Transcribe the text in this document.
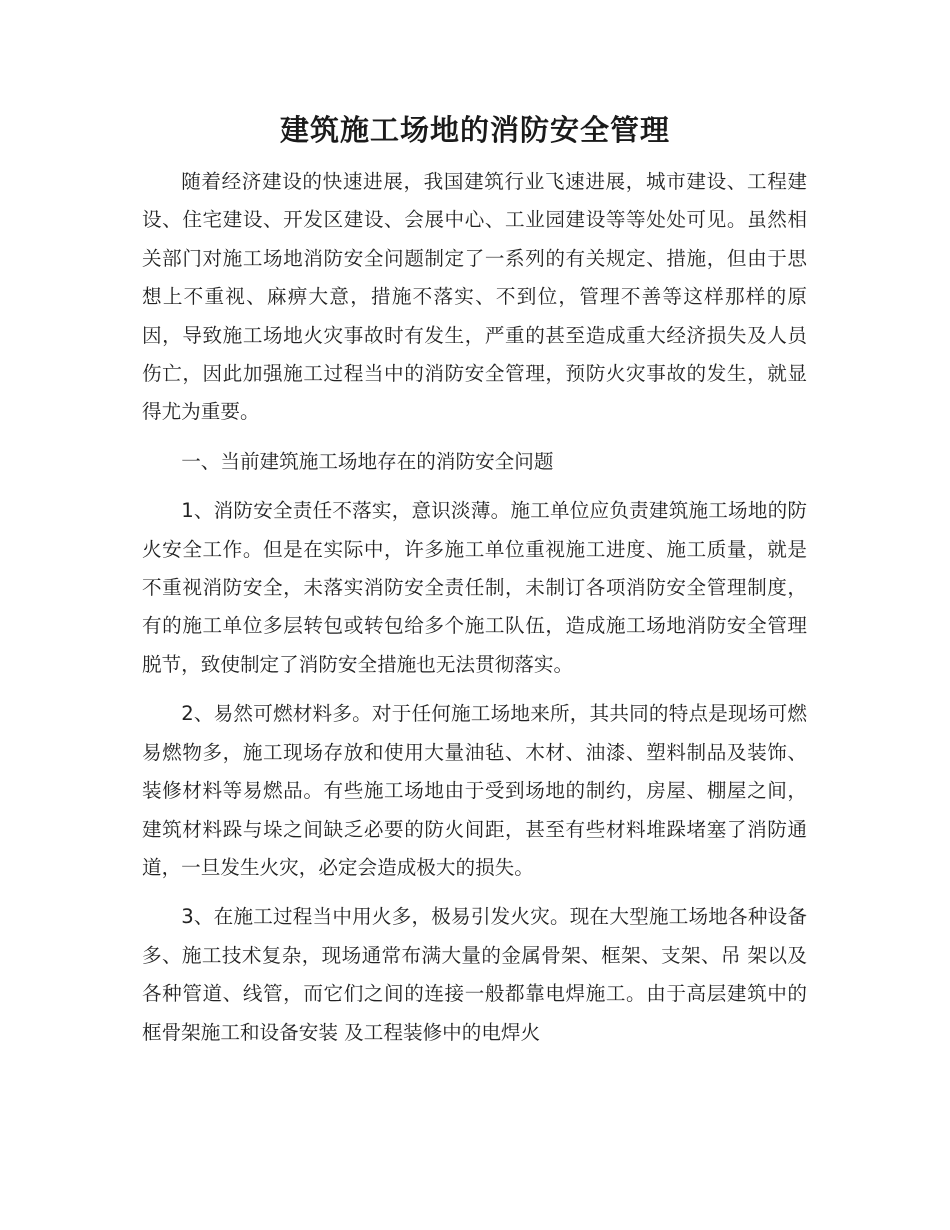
建筑施工场地的消防安全管理

随着经济建设的快速进展，我国建筑行业飞速进展，城市建设、工程建设、住宅建设、开发区建设、会展中心、工业园建设等等处处可见。虽然相关部门对施工场地消防安全问题制定了一系列的有关规定、措施，但由于思想上不重视、麻痹大意，措施不落实、不到位，管理不善等这样那样的原因，导致施工场地火灾事故时有发生，严重的甚至造成重大经济损失及人员伤亡，因此加强施工过程当中的消防安全管理，预防火灾事故的发生，就显得尤为重要。

一、当前建筑施工场地存在的消防安全问题

1、消防安全责任不落实，意识淡薄。施工单位应负责建筑施工场地的防火安全工作。但是在实际中，许多施工单位重视施工进度、施工质量，就是不重视消防安全，未落实消防安全责任制，未制订各项消防安全管理制度，有的施工单位多层转包或转包给多个施工队伍，造成施工场地消防安全管理脱节，致使制定了消防安全措施也无法贯彻落实。

2、易然可燃材料多。对于任何施工场地来所，其共同的特点是现场可燃易燃物多，施工现场存放和使用大量油毡、木材、油漆、塑料制品及装饰、 装修材料等易燃品。有些施工场地由于受到场地的制约，房屋、棚屋之间，建筑材料跺与垛之间缺乏必要的防火间距，甚至有些材料堆跺堵塞了消防通道，一旦发生火灾，必定会造成极大的损失。

3、在施工过程当中用火多，极易引发火灾。现在大型施工场地各种设备多、施工技术复杂，现场通常布满大量的金属骨架、框架、支架、吊 架以及各种管道、线管，而它们之间的连接一般都靠电焊施工。由于高层建筑中的框骨架施工和设备安装 及工程装修中的电焊火
